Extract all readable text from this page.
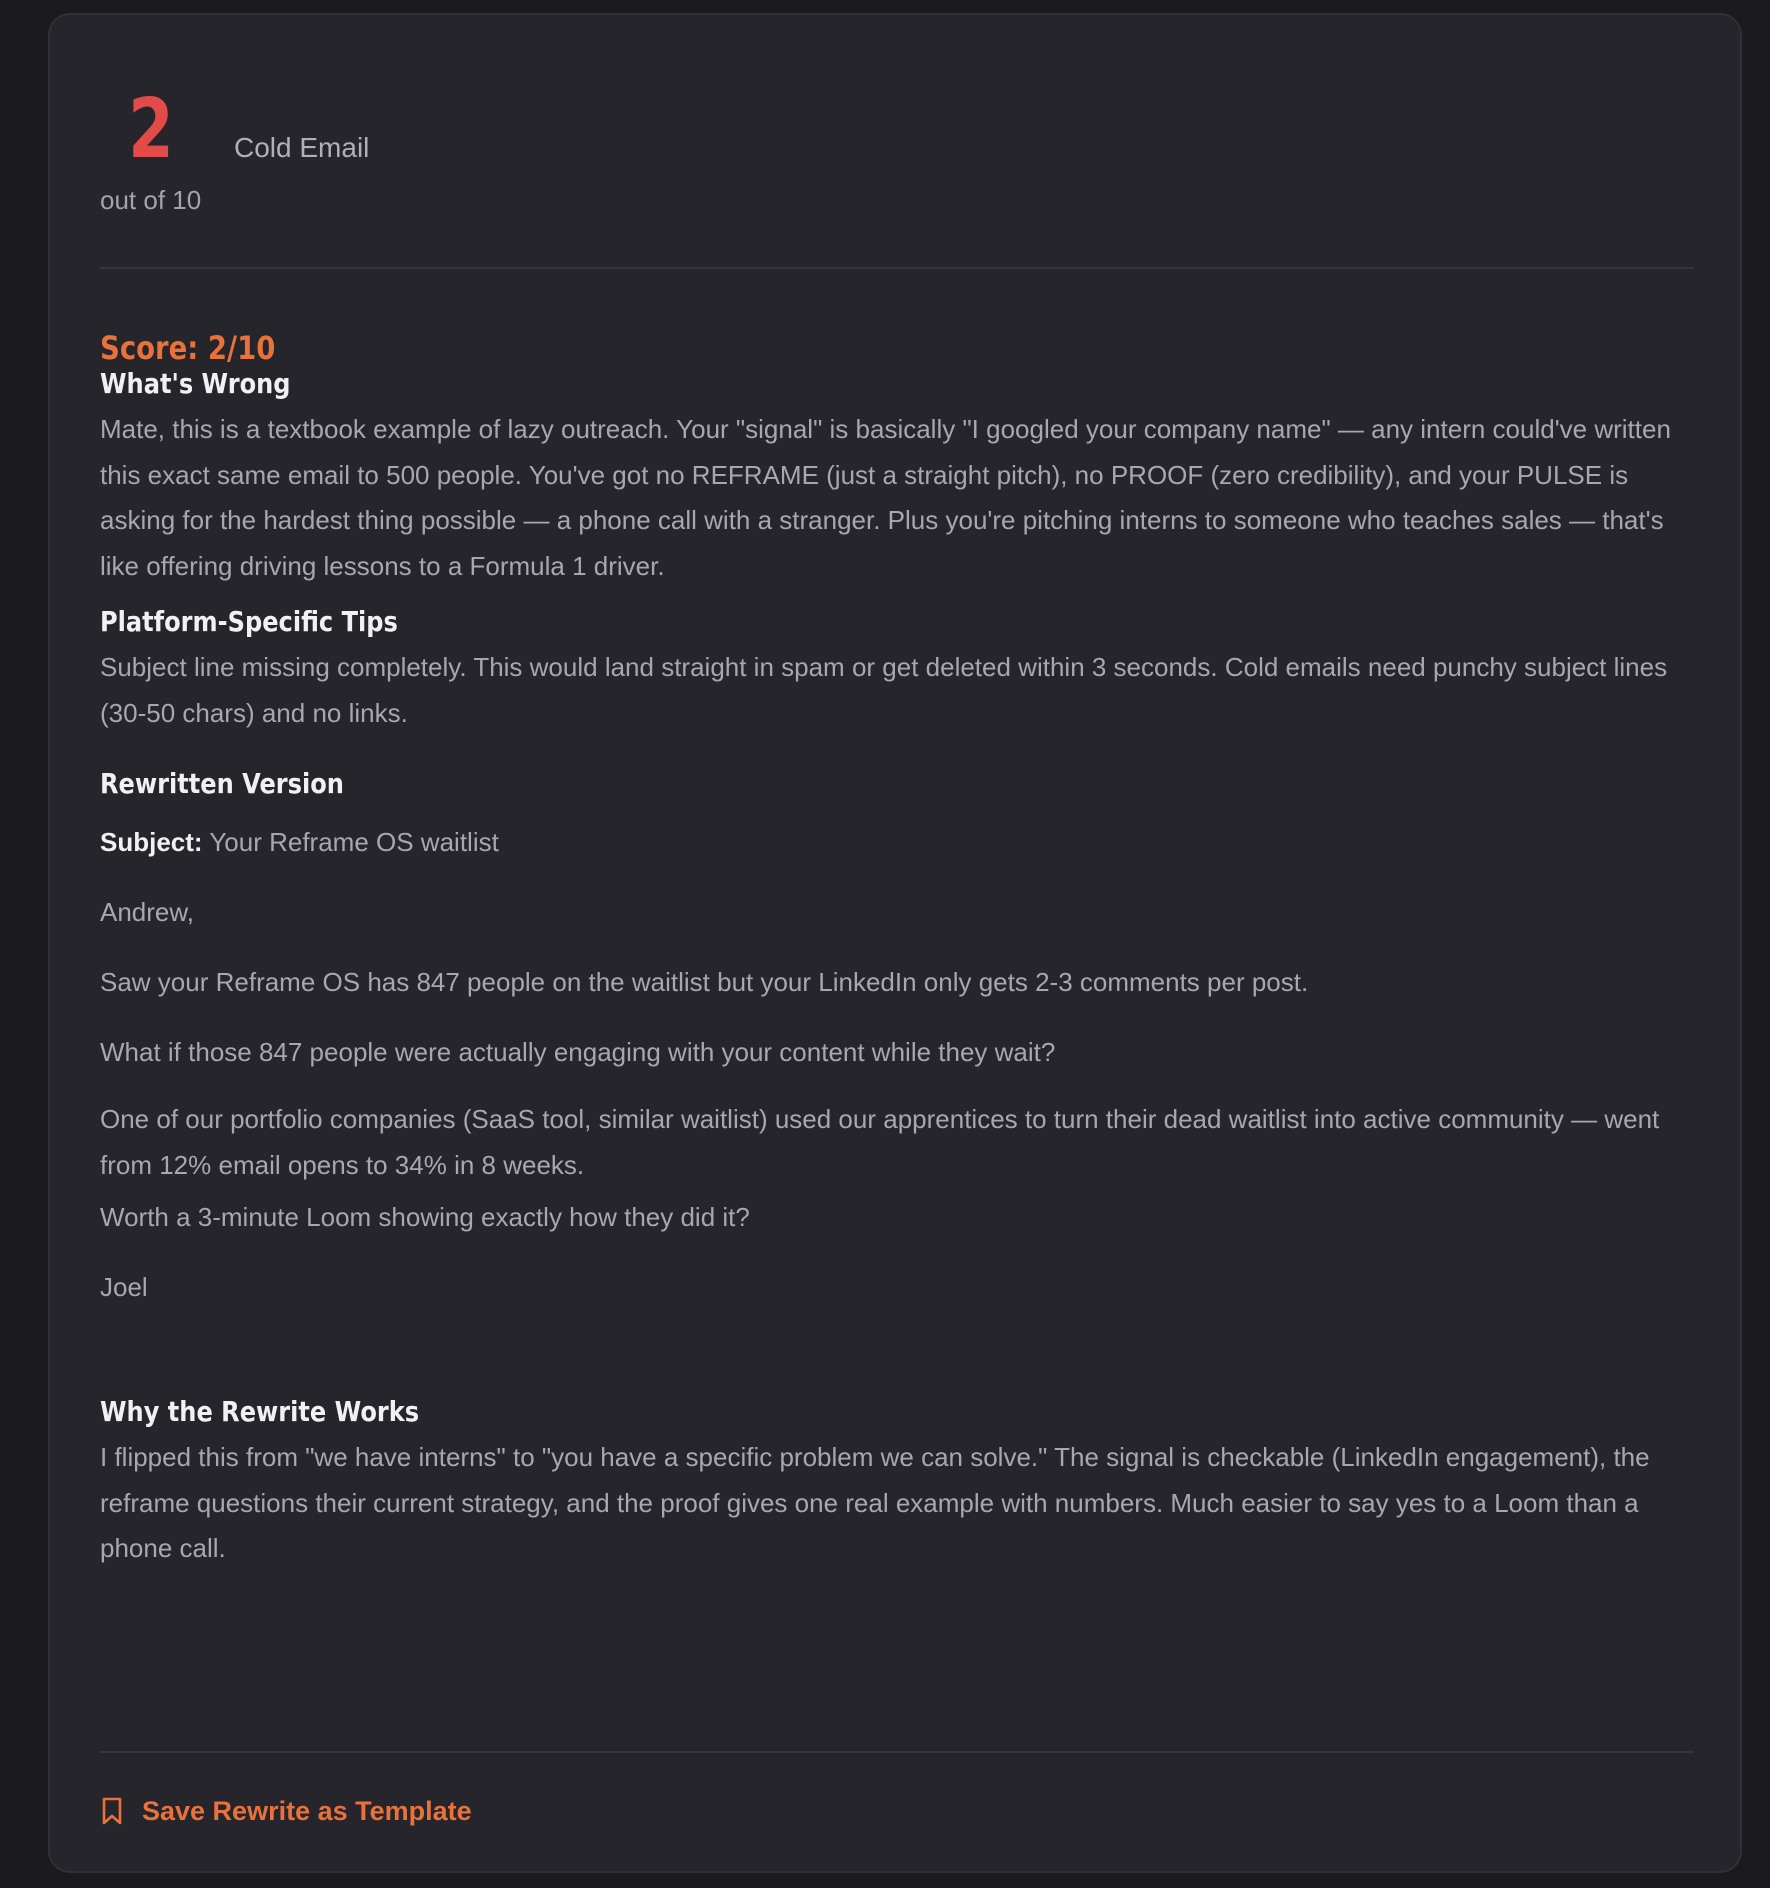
2
out of 10
Cold Email
Score: 2/10
What's Wrong
Mate, this is a textbook example of lazy outreach. Your "signal" is basically "I googled your company name" — any intern could've written this exact same email to 500 people. You've got no REFRAME (just a straight pitch), no PROOF (zero credibility), and your PULSE is asking for the hardest thing possible — a phone call with a stranger. Plus you're pitching interns to someone who teaches sales — that's like offering driving lessons to a Formula 1 driver.
Platform-Specific Tips
Subject line missing completely. This would land straight in spam or get deleted within 3 seconds. Cold emails need punchy subject lines (30-50 chars) and no links.
Rewritten Version
Subject: Your Reframe OS waitlist
Andrew,
Saw your Reframe OS has 847 people on the waitlist but your LinkedIn only gets 2-3 comments per post.
What if those 847 people were actually engaging with your content while they wait?
One of our portfolio companies (SaaS tool, similar waitlist) used our apprentices to turn their dead waitlist into active community — went from 12% email opens to 34% in 8 weeks.
Worth a 3-minute Loom showing exactly how they did it?
Joel
Why the Rewrite Works
I flipped this from "we have interns" to "you have a specific problem we can solve." The signal is checkable (LinkedIn engagement), the reframe questions their current strategy, and the proof gives one real example with numbers. Much easier to say yes to a Loom than a phone call.
Save Rewrite as Template
